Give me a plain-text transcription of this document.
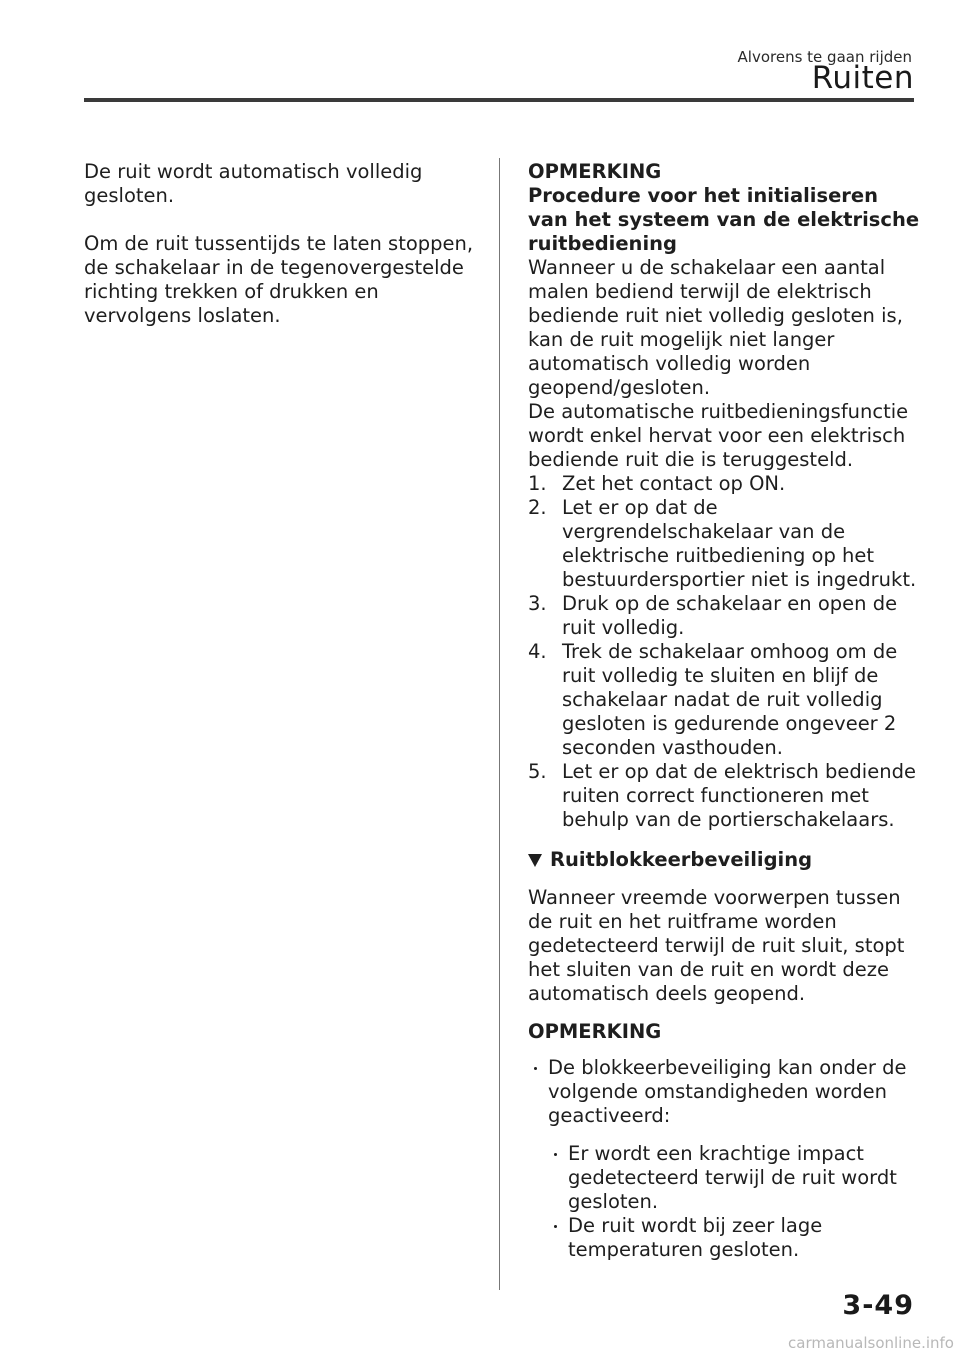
Alvorens te gaan rijden
Ruiten

De ruit wordt automatisch volledig gesloten.

Om de ruit tussentijds te laten stoppen, de schakelaar in de tegenovergestelde richting trekken of drukken en vervolgens loslaten.

OPMERKING

Procedure voor het initialiseren van het systeem van de elektrische ruitbediening

Wanneer u de schakelaar een aantal malen bediend terwijl de elektrisch bediende ruit niet volledig gesloten is, kan de ruit mogelijk niet langer automatisch volledig worden geopend/gesloten.

De automatische ruitbedieningsfunctie wordt enkel hervat voor een elektrisch bediende ruit die is teruggesteld.

1. Zet het contact op ON.
2. Let er op dat de vergrendelschakelaar van de elektrische ruitbediening op het bestuurdersportier niet is ingedrukt.
3. Druk op de schakelaar en open de ruit volledig.
4. Trek de schakelaar omhoog om de ruit volledig te sluiten en blijf de schakelaar nadat de ruit volledig gesloten is gedurende ongeveer 2 seconden vasthouden.
5. Let er op dat de elektrisch bediende ruiten correct functioneren met behulp van de portierschakelaars.

Ruitblokkeerbeveiliging

Wanneer vreemde voorwerpen tussen de ruit en het ruitframe worden gedetecteerd terwijl de ruit sluit, stopt het sluiten van de ruit en wordt deze automatisch deels geopend.

OPMERKING

De blokkeerbeveiliging kan onder de volgende omstandigheden worden geactiveerd:
Er wordt een krachtige impact gedetecteerd terwijl de ruit wordt gesloten.
De ruit wordt bij zeer lage temperaturen gesloten.
3-49
carmanualsonline.info
